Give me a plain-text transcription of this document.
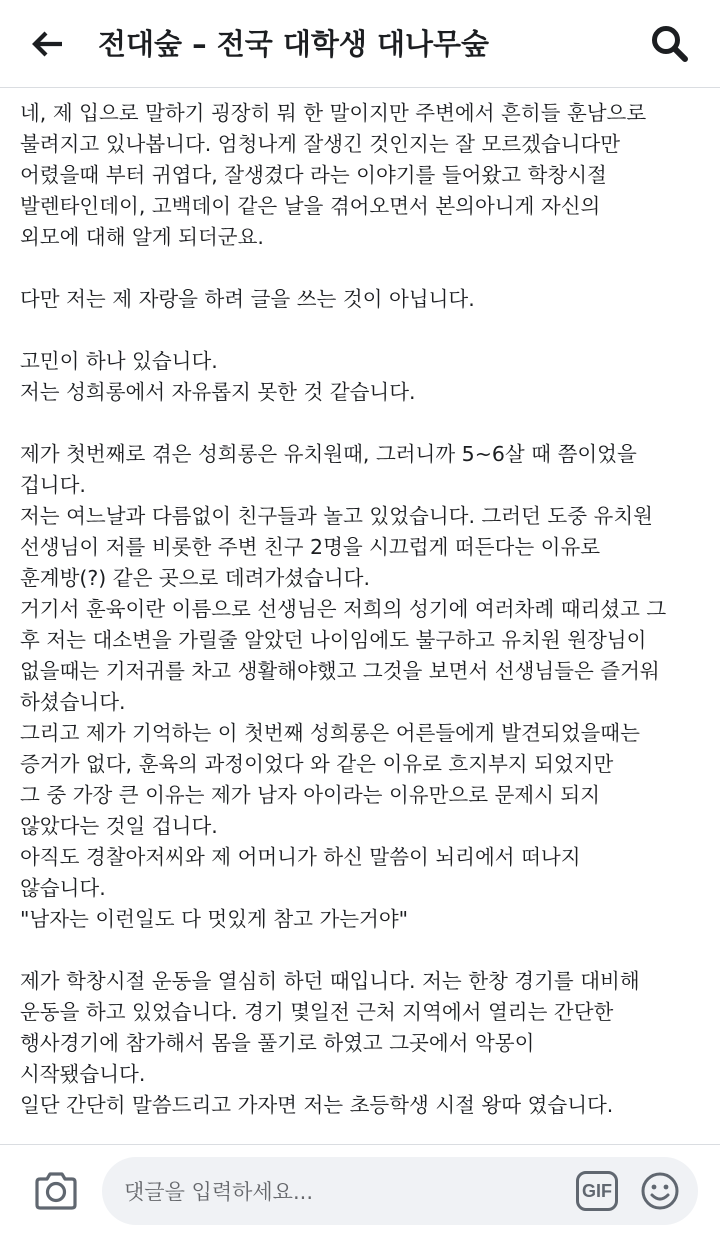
전대숲 – 전국 대학생 대나무숲

네, 제 입으로 말하기 굉장히 뭐 한 말이지만 주변에서 흔히들 훈남으로

불려지고 있나봅니다. 엄청나게 잘생긴 것인지는 잘 모르겠습니다만

어렸을때 부터 귀엽다, 잘생겼다 라는 이야기를 들어왔고 학창시절

발렌타인데이, 고백데이 같은 날을 겪어오면서 본의아니게 자신의

외모에 대해 알게 되더군요.

다만 저는 제 자랑을 하려 글을 쓰는 것이 아닙니다.

고민이 하나 있습니다.

저는 성희롱에서 자유롭지 못한 것 같습니다.

제가 첫번째로 겪은 성희롱은 유치원때, 그러니까 5~6살 때 쯤이었을

겁니다.

저는 여느날과 다름없이 친구들과 놀고 있었습니다. 그러던 도중 유치원

선생님이 저를 비롯한 주변 친구 2명을 시끄럽게 떠든다는 이유로

훈계방(?) 같은 곳으로 데려가셨습니다.

거기서 훈육이란 이름으로 선생님은 저희의 성기에 여러차례 때리셨고 그

후 저는 대소변을 가릴줄 알았던 나이임에도 불구하고 유치원 원장님이

없을때는 기저귀를 차고 생활해야했고 그것을 보면서 선생님들은 즐거워

하셨습니다.

그리고 제가 기억하는 이 첫번째 성희롱은 어른들에게 발견되었을때는

증거가 없다, 훈육의 과정이었다 와 같은 이유로 흐지부지 되었지만

그 중 가장 큰 이유는 제가 남자 아이라는 이유만으로 문제시 되지

않았다는 것일 겁니다.

아직도 경찰아저씨와 제 어머니가 하신 말씀이 뇌리에서 떠나지

않습니다.

"남자는 이런일도 다 멋있게 참고 가는거야"

제가 학창시절 운동을 열심히 하던 때입니다. 저는 한창 경기를 대비해

운동을 하고 있었습니다. 경기 몇일전 근처 지역에서 열리는 간단한

행사경기에 참가해서 몸을 풀기로 하였고 그곳에서 악몽이

시작됐습니다.

일단 간단히 말씀드리고 가자면 저는 초등학생 시절 왕따 였습니다.

댓글을 입력하세요...
GIF
